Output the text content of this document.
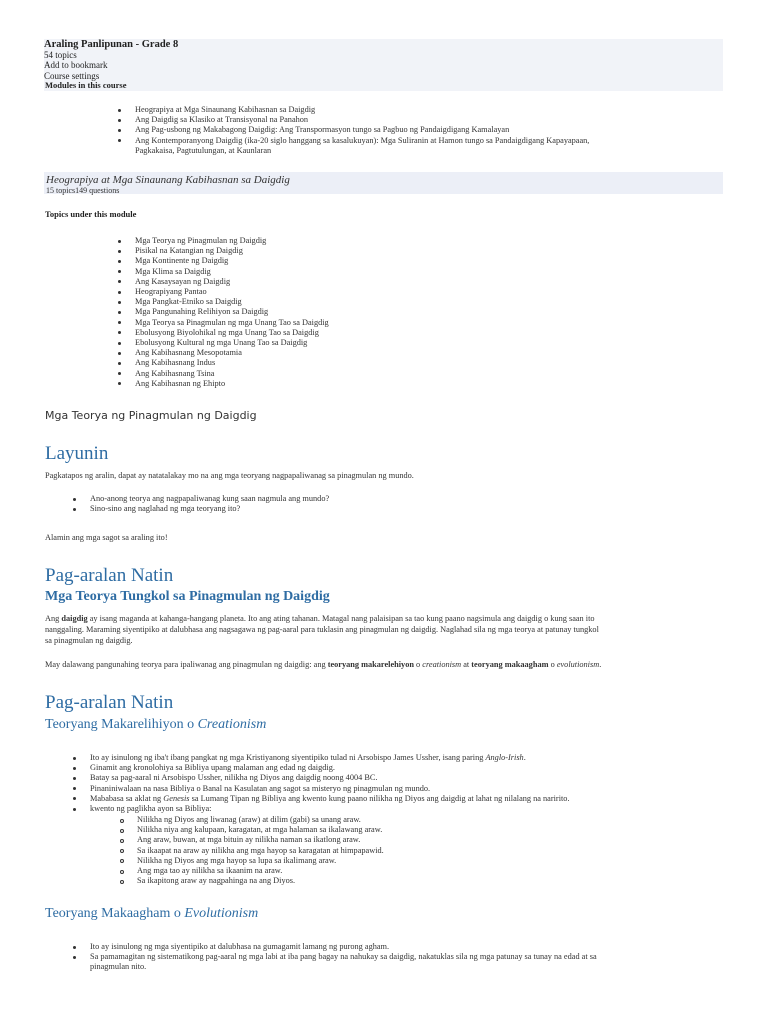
Araling Panlipunan - Grade 8
54 topics
Add to bookmark
Course settings
Modules in this course
Heograpiya at Mga Sinaunang Kabihasnan sa Daigdig
Ang Daigdig sa Klasiko at Transisyonal na Panahon
Ang Pag-usbong ng Makabagong Daigdig: Ang Transpormasyon tungo sa Pagbuo ng Pandaigdigang Kamalayan
Ang Kontemporanyong Daigdig (ika-20 siglo hanggang sa kasalukuyan): Mga Suliranin at Hamon tungo sa Pandaigdigang Kapayapaan,
Pagkakaisa, Pagtutulungan, at Kaunlaran
Heograpiya at Mga Sinaunang Kabihasnan sa Daigdig
15 topics149 questions
Topics under this module
Mga Teorya ng Pinagmulan ng Daigdig
Pisikal na Katangian ng Daigdig
Mga Kontinente ng Daigdig
Mga Klima sa Daigdig
Ang Kasaysayan ng Daigdig
Heograpiyang Pantao
Mga Pangkat-Etniko sa Daigdig
Mga Pangunahing Relihiyon sa Daigdig
Mga Teorya sa Pinagmulan ng mga Unang Tao sa Daigdig
Ebolusyong Biyolohikal ng mga Unang Tao sa Daigdig
Ebolusyong Kultural ng mga Unang Tao sa Daigdig
Ang Kabihasnang Mesopotamia
Ang Kabihasnang Indus
Ang Kabihasnang Tsina
Ang Kabihasnan ng Ehipto
Mga Teorya ng Pinagmulan ng Daigdig
Layunin
Pagkatapos ng aralin, dapat ay natatalakay mo na ang mga teoryang nagpapaliwanag sa pinagmulan ng mundo.
Ano-anong teorya ang nagpapaliwanag kung saan nagmula ang mundo?
Sino-sino ang naglahad ng mga teoryang ito?
Alamin ang mga sagot sa araling ito!
Pag-aralan Natin
Mga Teorya Tungkol sa Pinagmulan ng Daigdig
Ang daigdig ay isang maganda at kahanga-hangang planeta. Ito ang ating tahanan. Matagal nang palaisipan sa tao kung paano nagsimula ang daigdig o kung saan ito
nanggaling. Maraming siyentipiko at dalubhasa ang nagsagawa ng pag-aaral para tuklasin ang pinagmulan ng daigdig. Naglahad sila ng mga teorya at patunay tungkol
sa pinagmulan ng daigdig.
May dalawang pangunahing teorya para ipaliwanag ang pinagmulan ng daigdig: ang teoryang makarelehiyon o creationism at teoryang makaagham o evolutionism.
Pag-aralan Natin
Teoryang Makarelihiyon o Creationism
Ito ay isinulong ng iba't ibang pangkat ng mga Kristiyanong siyentipiko tulad ni Arsobispo James Ussher, isang paring Anglo-Irish.
Ginamit ang kronolohiya sa Bibliya upang malaman ang edad ng daigdig.
Batay sa pag-aaral ni Arsobispo Ussher, nilikha ng Diyos ang daigdig noong 4004 BC.
Pinaniniwalaan na nasa Bibliya o Banal na Kasulatan ang sagot sa misteryo ng pinagmulan ng mundo.
Mababasa sa aklat ng Genesis sa Lumang Tipan ng Bibliya ang kwento kung paano nilikha ng Diyos ang daigdig at lahat ng nilalang na naririto.
kwento ng paglikha ayon sa Bibliya:
Nilikha ng Diyos ang liwanag (araw) at dilim (gabi) sa unang araw.
Nilikha niya ang kalupaan, karagatan, at mga halaman sa ikalawang araw.
Ang araw, buwan, at mga bituin ay nilikha naman sa ikatlong araw.
Sa ikaapat na araw ay nilikha ang mga hayop sa karagatan at himpapawid.
Nilikha ng Diyos ang mga hayop sa lupa sa ikalimang araw.
Ang mga tao ay nilikha sa ikaanim na araw.
Sa ikapitong araw ay nagpahinga na ang Diyos.
Teoryang Makaagham o Evolutionism
Ito ay isinulong ng mga siyentipiko at dalubhasa na gumagamit lamang ng purong agham.
Sa pamamagitan ng sistematikong pag-aaral ng mga labi at iba pang bagay na nahukay sa daigdig, nakatuklas sila ng mga patunay sa tunay na edad at sa
pinagmulan nito.
